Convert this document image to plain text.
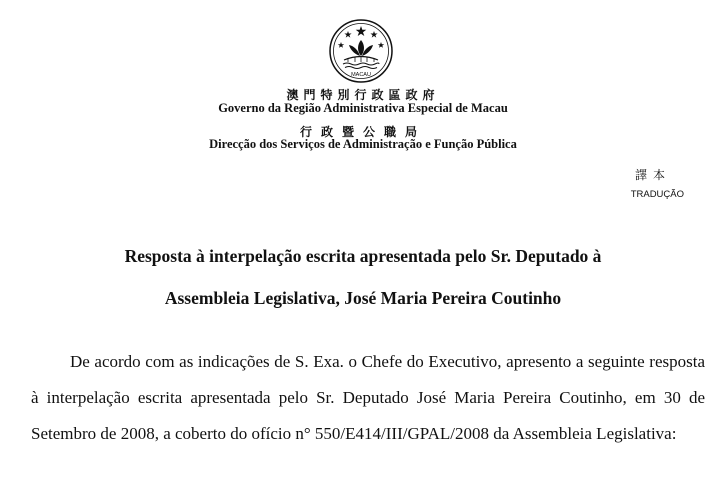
MACAU
澳門特別行政區政府
Governo da Região Administrativa Especial de Macau
行政暨公職局
Direcção dos Serviços de Administração e Função Pública
譯本
TRADUÇÃO
Resposta à interpelação escrita apresentada pelo Sr. Deputado à
Assembleia Legislativa, José Maria Pereira Coutinho

De acordo com as indicações de S. Exa. o Chefe do Executivo, apresento a seguinte resposta à interpelação escrita apresentada pelo Sr. Deputado José Maria Pereira Coutinho, em 30 de Setembro de 2008, a coberto do ofício n° 550/E414/III/GPAL/2008 da Assembleia Legislativa:
